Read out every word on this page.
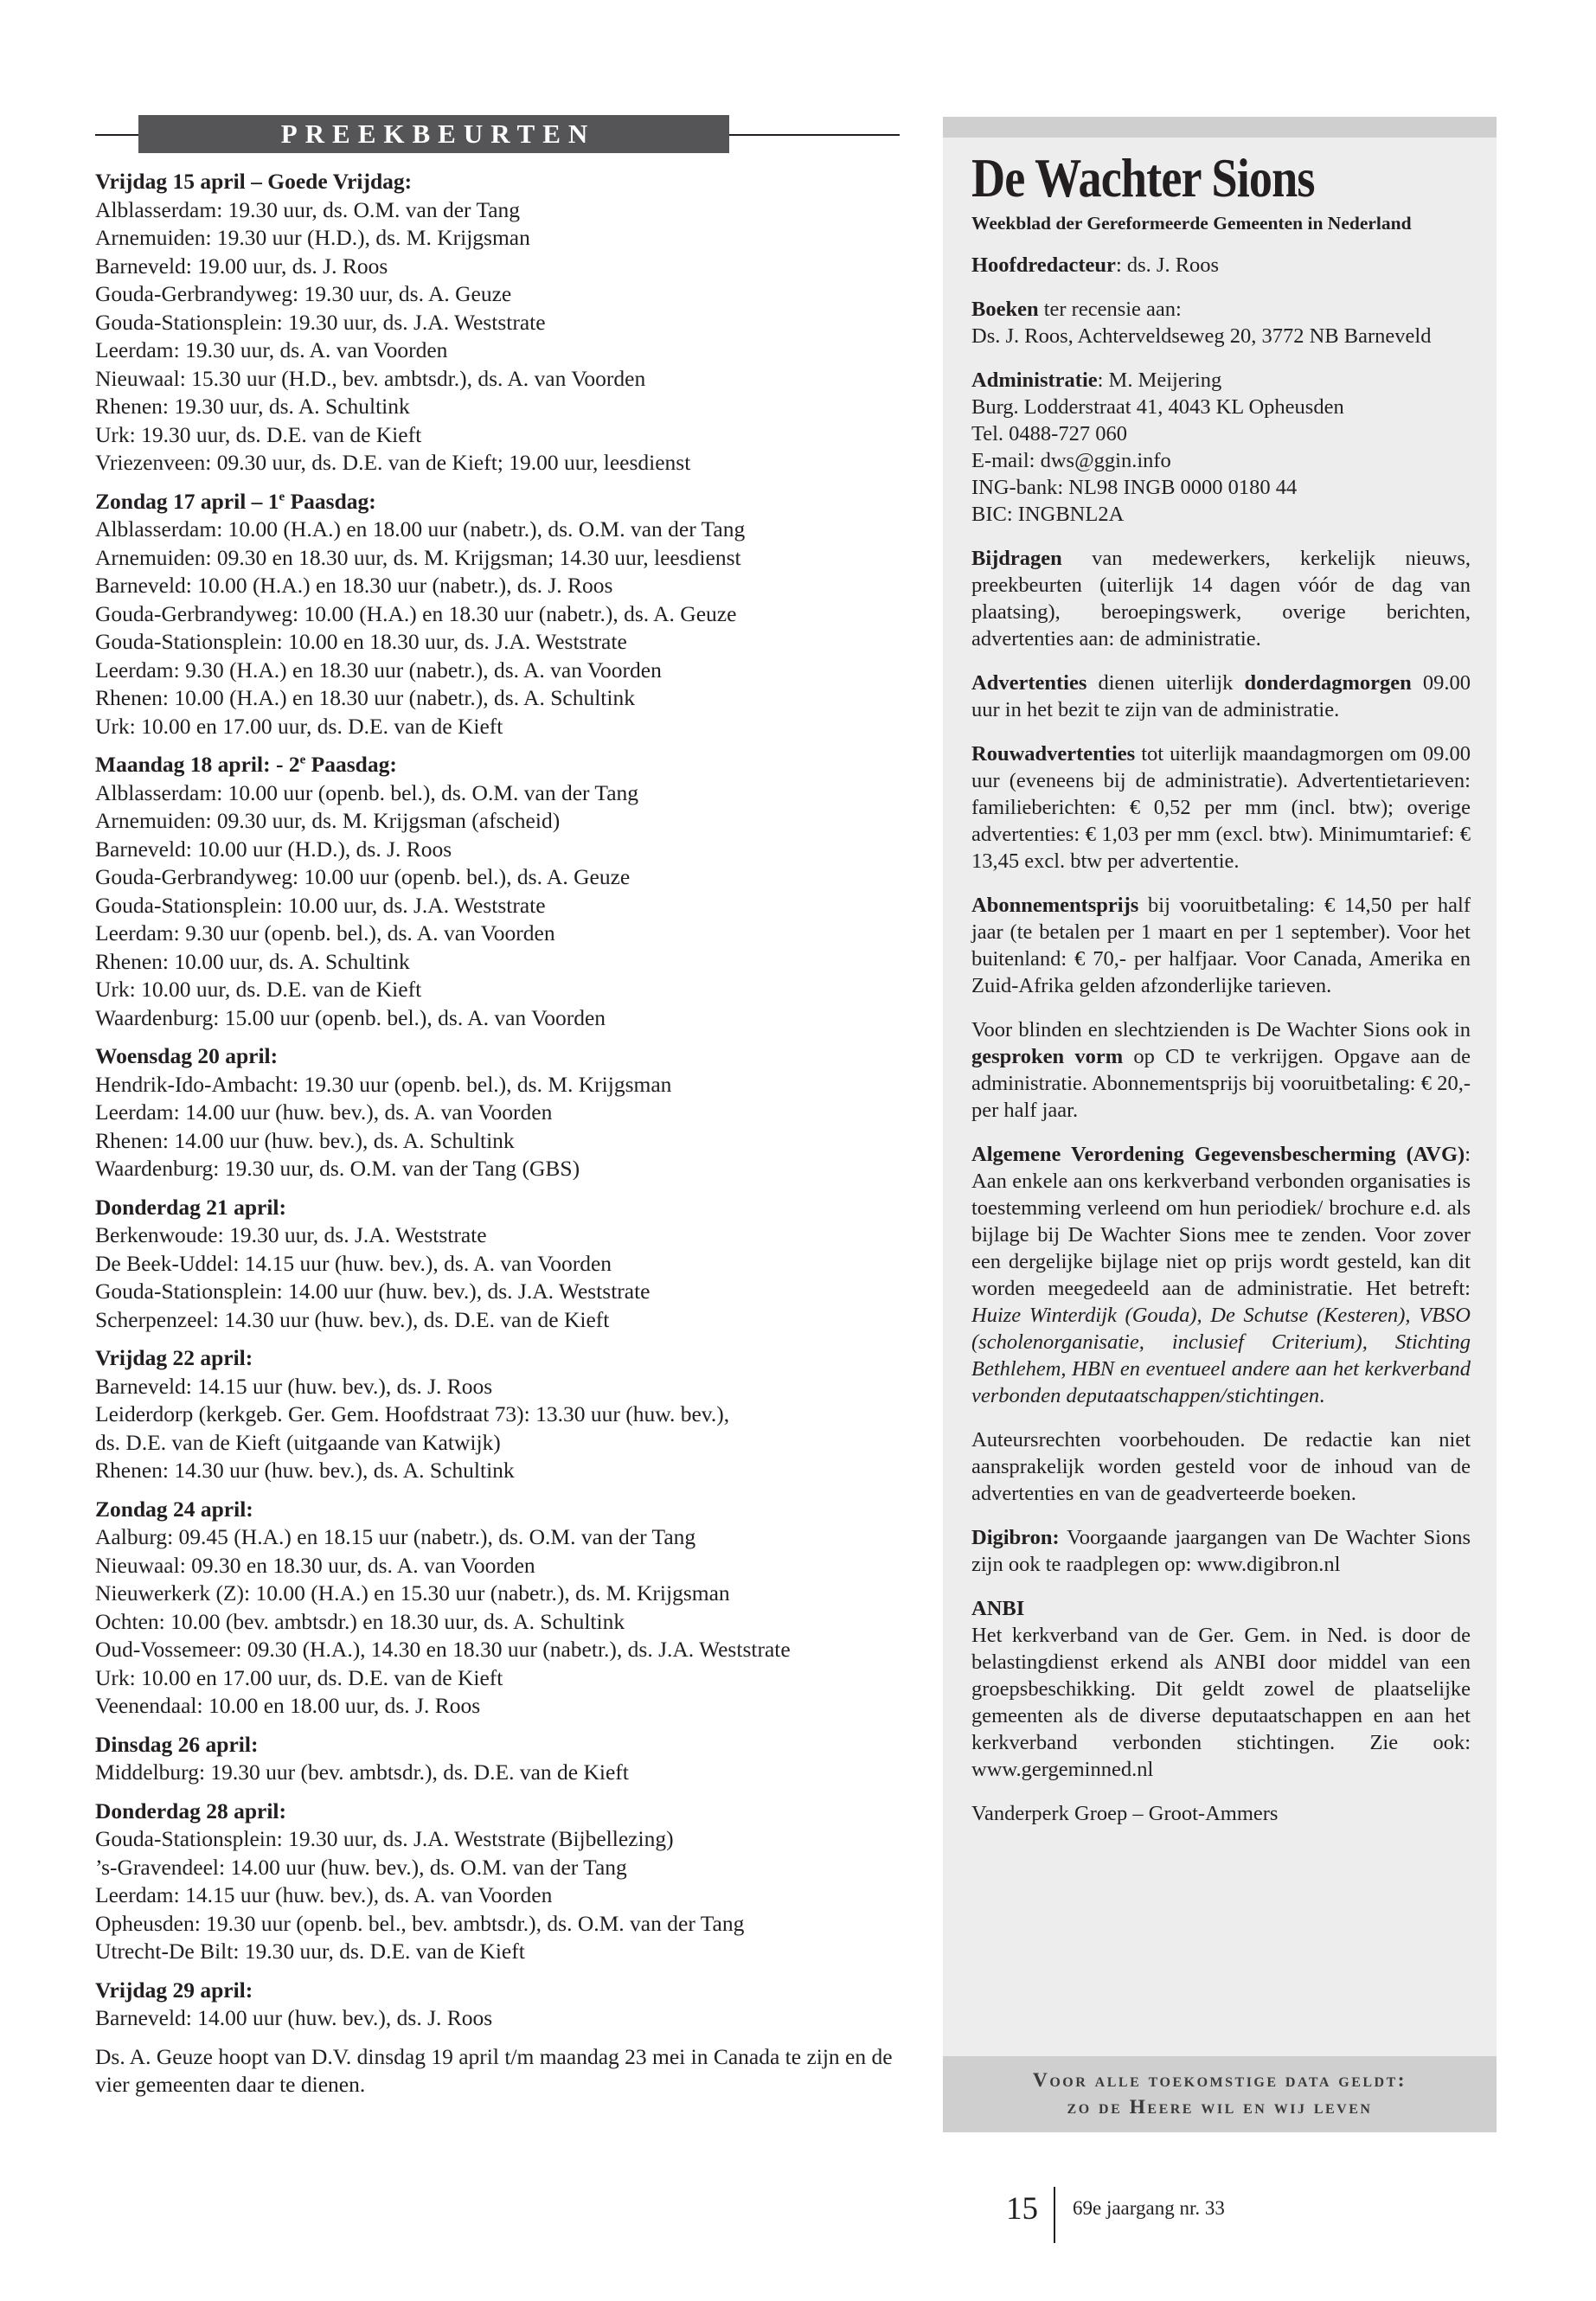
PREEKBEURTEN
Vrijdag 15 april – Goede Vrijdag:
Alblasserdam: 19.30 uur, ds. O.M. van der Tang
Arnemuiden: 19.30 uur (H.D.), ds. M. Krijgsman
Barneveld: 19.00 uur, ds. J. Roos
Gouda-Gerbrandyweg: 19.30 uur, ds. A. Geuze
Gouda-Stationsplein: 19.30 uur, ds. J.A. Weststrate
Leerdam: 19.30 uur, ds. A. van Voorden
Nieuwaal: 15.30 uur (H.D., bev. ambtsdr.), ds. A. van Voorden
Rhenen: 19.30 uur, ds. A. Schultink
Urk: 19.30 uur, ds. D.E. van de Kieft
Vriezenveen: 09.30 uur, ds. D.E. van de Kieft; 19.00 uur, leesdienst
Zondag 17 april – 1e Paasdag:
Alblasserdam: 10.00 (H.A.) en 18.00 uur (nabetr.), ds. O.M. van der Tang
Arnemuiden: 09.30 en 18.30 uur, ds. M. Krijgsman; 14.30 uur, leesdienst
Barneveld: 10.00 (H.A.) en 18.30 uur (nabetr.), ds. J. Roos
Gouda-Gerbrandyweg: 10.00 (H.A.) en 18.30 uur (nabetr.), ds. A. Geuze
Gouda-Stationsplein: 10.00 en 18.30 uur, ds. J.A. Weststrate
Leerdam: 9.30 (H.A.) en 18.30 uur (nabetr.), ds. A. van Voorden
Rhenen: 10.00 (H.A.) en 18.30 uur (nabetr.), ds. A. Schultink
Urk: 10.00 en 17.00 uur, ds. D.E. van de Kieft
Maandag 18 april: - 2e Paasdag:
Alblasserdam: 10.00 uur (openb. bel.), ds. O.M. van der Tang
Arnemuiden: 09.30 uur, ds. M. Krijgsman (afscheid)
Barneveld: 10.00 uur (H.D.), ds. J. Roos
Gouda-Gerbrandyweg: 10.00 uur (openb. bel.), ds. A. Geuze
Gouda-Stationsplein: 10.00 uur, ds. J.A. Weststrate
Leerdam: 9.30 uur (openb. bel.), ds. A. van Voorden
Rhenen: 10.00 uur, ds. A. Schultink
Urk: 10.00 uur, ds. D.E. van de Kieft
Waardenburg: 15.00 uur (openb. bel.), ds. A. van Voorden
Woensdag 20 april:
Hendrik-Ido-Ambacht: 19.30 uur (openb. bel.), ds. M. Krijgsman
Leerdam: 14.00 uur (huw. bev.), ds. A. van Voorden
Rhenen: 14.00 uur (huw. bev.), ds. A. Schultink
Waardenburg: 19.30 uur, ds. O.M. van der Tang (GBS)
Donderdag 21 april:
Berkenwoude: 19.30 uur, ds. J.A. Weststrate
De Beek-Uddel: 14.15 uur (huw. bev.), ds. A. van Voorden
Gouda-Stationsplein: 14.00 uur (huw. bev.), ds. J.A. Weststrate
Scherpenzeel: 14.30 uur (huw. bev.), ds. D.E. van de Kieft
Vrijdag 22 april:
Barneveld: 14.15 uur (huw. bev.), ds. J. Roos
Leiderdorp (kerkgeb. Ger. Gem. Hoofdstraat 73): 13.30 uur (huw. bev.),
ds. D.E. van de Kieft (uitgaande van Katwijk)
Rhenen: 14.30 uur (huw. bev.), ds. A. Schultink
Zondag 24 april:
Aalburg: 09.45 (H.A.) en 18.15 uur (nabetr.), ds. O.M. van der Tang
Nieuwaal: 09.30 en 18.30 uur, ds. A. van Voorden
Nieuwerkerk (Z): 10.00 (H.A.) en 15.30 uur (nabetr.), ds. M. Krijgsman
Ochten: 10.00 (bev. ambtsdr.) en 18.30 uur, ds. A. Schultink
Oud-Vossemeer: 09.30 (H.A.), 14.30 en 18.30 uur (nabetr.), ds. J.A. Weststrate
Urk: 10.00 en 17.00 uur, ds. D.E. van de Kieft
Veenendaal: 10.00 en 18.00 uur, ds. J. Roos
Dinsdag 26 april:
Middelburg: 19.30 uur (bev. ambtsdr.), ds. D.E. van de Kieft
Donderdag 28 april:
Gouda-Stationsplein: 19.30 uur, ds. J.A. Weststrate (Bijbellezing)
’s-Gravendeel: 14.00 uur (huw. bev.), ds. O.M. van der Tang
Leerdam: 14.15 uur (huw. bev.), ds. A. van Voorden
Opheusden: 19.30 uur (openb. bel., bev. ambtsdr.), ds. O.M. van der Tang
Utrecht-De Bilt: 19.30 uur, ds. D.E. van de Kieft
Vrijdag 29 april:
Barneveld: 14.00 uur (huw. bev.), ds. J. Roos

Ds. A. Geuze hoopt van D.V. dinsdag 19 april t/m maandag 23 mei in Canada te zijn en de vier gemeenten daar te dienen.

De Wachter Sions
Weekblad der Gereformeerde Gemeenten in Nederland

Hoofdredacteur: ds. J. Roos

Boeken ter recensie aan:
Ds. J. Roos, Achterveldseweg 20, 3772 NB Barneveld

Administratie: M. Meijering
Burg. Lodderstraat 41, 4043 KL Opheusden
Tel. 0488-727 060
E-mail: dws@ggin.info
ING-bank: NL98 INGB 0000 0180 44
BIC: INGBNL2A

Bijdragen van medewerkers, kerkelijk nieuws, preekbeurten (uiterlijk 14 dagen vóór de dag van plaatsing), beroepingswerk, overige berichten, advertenties aan: de administratie.

Advertenties dienen uiterlijk donderdagmorgen 09.00 uur in het bezit te zijn van de administratie.

Rouwadvertenties tot uiterlijk maandagmorgen om 09.00 uur (eveneens bij de administratie). Advertentietarieven: familieberichten: € 0,52 per mm (incl. btw); overige advertenties: € 1,03 per mm (excl. btw). Minimumtarief: € 13,45 excl. btw per advertentie.

Abonnementsprijs bij vooruitbetaling: € 14,50 per half jaar (te betalen per 1 maart en per 1 september). Voor het buitenland: € 70,- per halfjaar. Voor Canada, Amerika en Zuid-Afrika gelden afzonderlijke tarieven.

Voor blinden en slechtzienden is De Wachter Sions ook in gesproken vorm op CD te verkrijgen. Opgave aan de administratie. Abonnementsprijs bij vooruitbetaling: € 20,- per half jaar.

Algemene Verordening Gegevensbescherming (AVG): Aan enkele aan ons kerkverband verbonden organisaties is toestemming verleend om hun periodiek/ brochure e.d. als bijlage bij De Wachter Sions mee te zenden. Voor zover een dergelijke bijlage niet op prijs wordt gesteld, kan dit worden meegedeeld aan de administratie. Het betreft: Huize Winterdijk (Gouda), De Schutse (Kesteren), VBSO (scholenorganisatie, inclusief Criterium), Stichting Bethlehem, HBN en eventueel andere aan het kerkverband verbonden deputaatschappen/stichtingen.

Auteursrechten voorbehouden. De redactie kan niet aansprakelijk worden gesteld voor de inhoud van de advertenties en van de geadverteerde boeken.

Digibron: Voorgaande jaargangen van De Wachter Sions zijn ook te raadplegen op: www.digibron.nl

ANBI
Het kerkverband van de Ger. Gem. in Ned. is door de belastingdienst erkend als ANBI door middel van een groepsbeschikking. Dit geldt zowel de plaatselijke gemeenten als de diverse deputaatschappen en aan het kerkverband verbonden stichtingen. Zie ook: www.gergeminned.nl

Vanderperk Groep – Groot-Ammers

Voor alle toekomstige data geldt:
zo de Heere wil en wij leven
15 69e jaargang nr. 33
